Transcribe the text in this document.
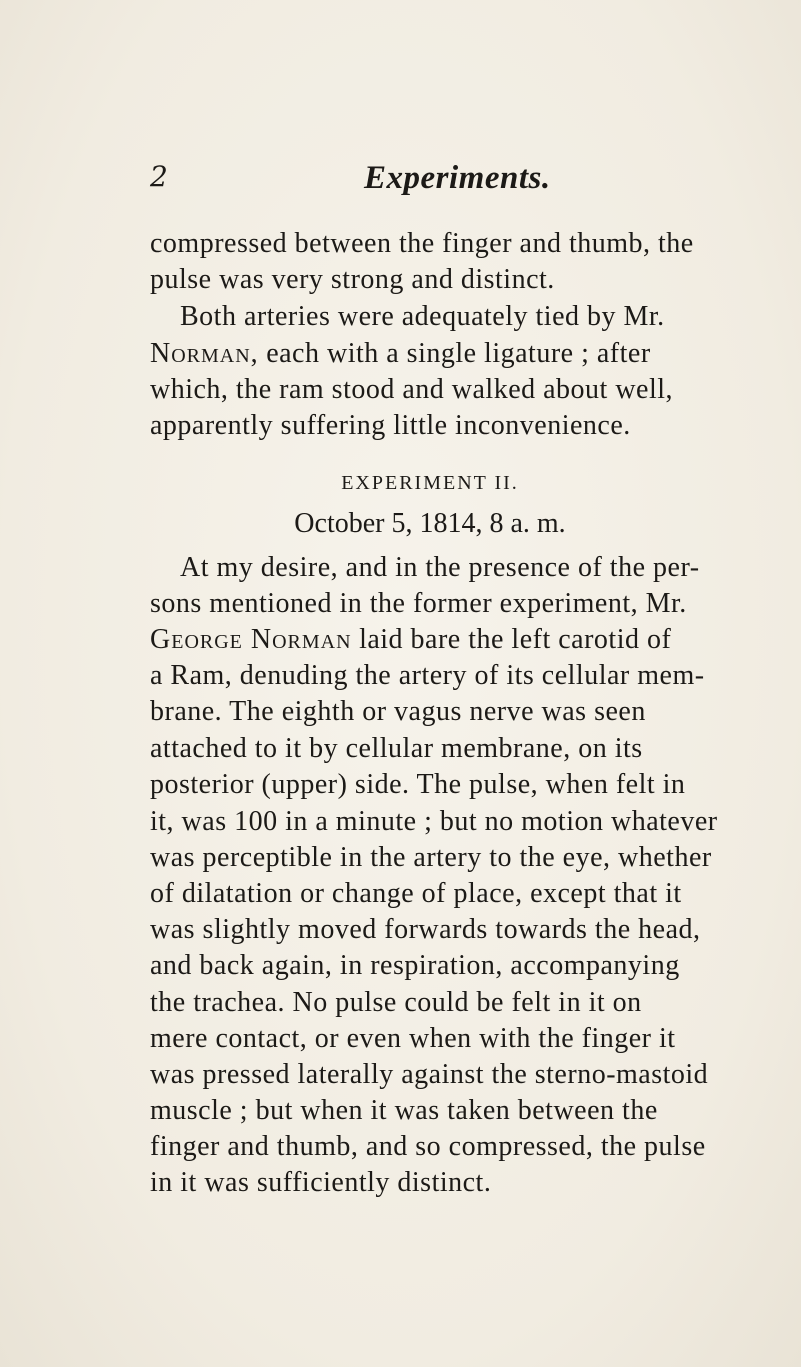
2	Experiments.
compressed between the finger and thumb, the
pulse was very strong and distinct.
Both arteries were adequately tied by Mr.
Norman, each with a single ligature ; after
which, the ram stood and walked about well,
apparently suffering little inconvenience.
EXPERIMENT II.
October 5, 1814, 8 a. m.
At my desire, and in the presence of the per-
sons mentioned in the former experiment, Mr.
George Norman laid bare the left carotid of
a Ram, denuding the artery of its cellular mem-
brane. The eighth or vagus nerve was seen
attached to it by cellular membrane, on its
posterior (upper) side. The pulse, when felt in
it, was 100 in a minute ; but no motion whatever
was perceptible in the artery to the eye, whether
of dilatation or change of place, except that it
was slightly moved forwards towards the head,
and back again, in respiration, accompanying
the trachea. No pulse could be felt in it on
mere contact, or even when with the finger it
was pressed laterally against the sterno-mastoid
muscle ; but when it was taken between the
finger and thumb, and so compressed, the pulse
in it was sufficiently distinct.
